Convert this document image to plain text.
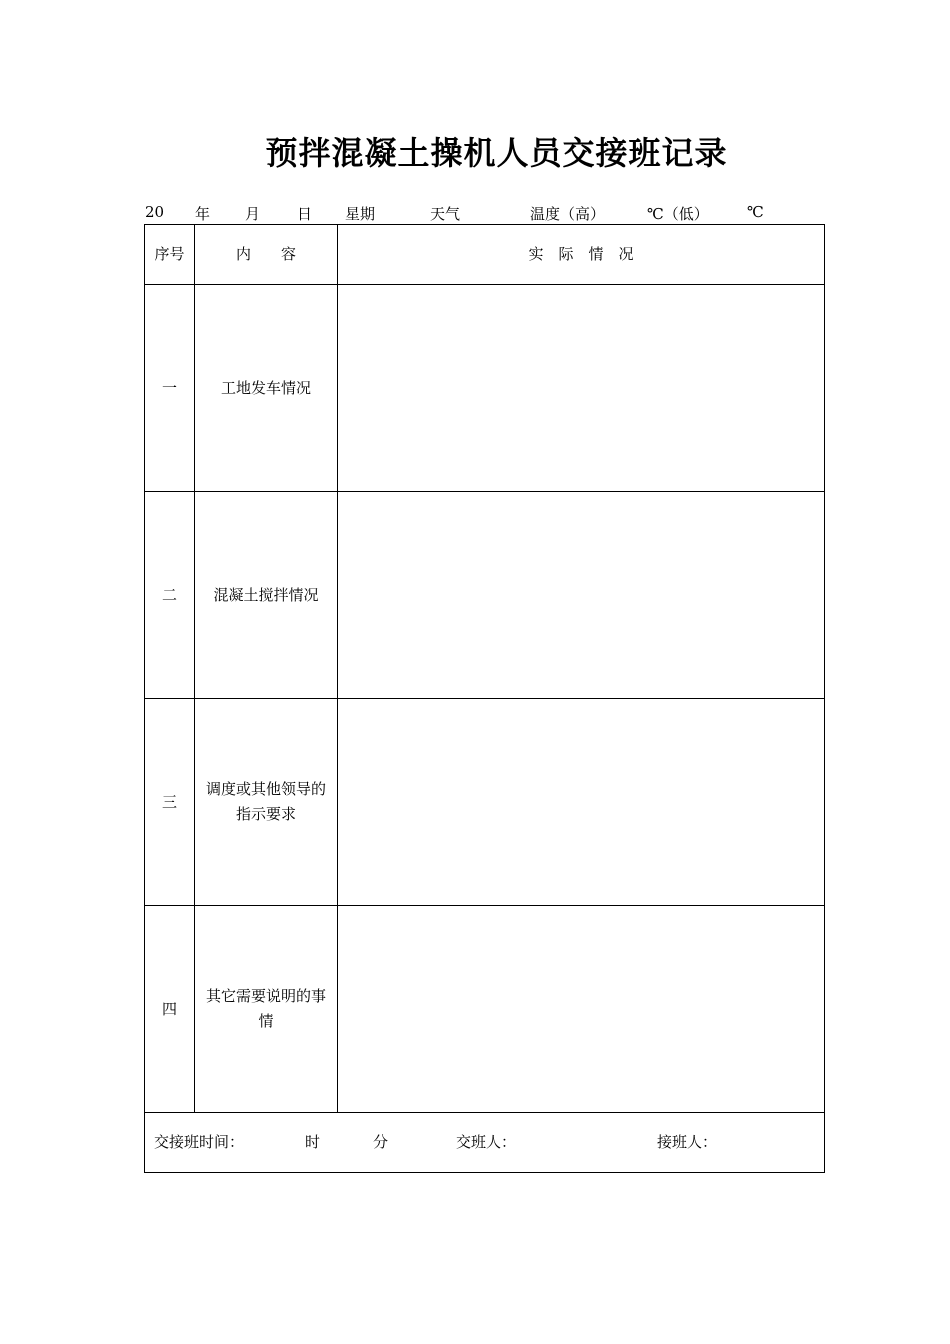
预拌混凝土操机人员交接班记录
20 年 月 日 星期	天气	温度（高）	℃（低）	℃
序号	内　　容	实　际　情　况
一	工地发车情况	
二	混凝土搅拌情况	
三	调度或其他领导的指示要求	
四	其它需要说明的事情	

交接班时间： 时 分 交班人： 接班人：		
